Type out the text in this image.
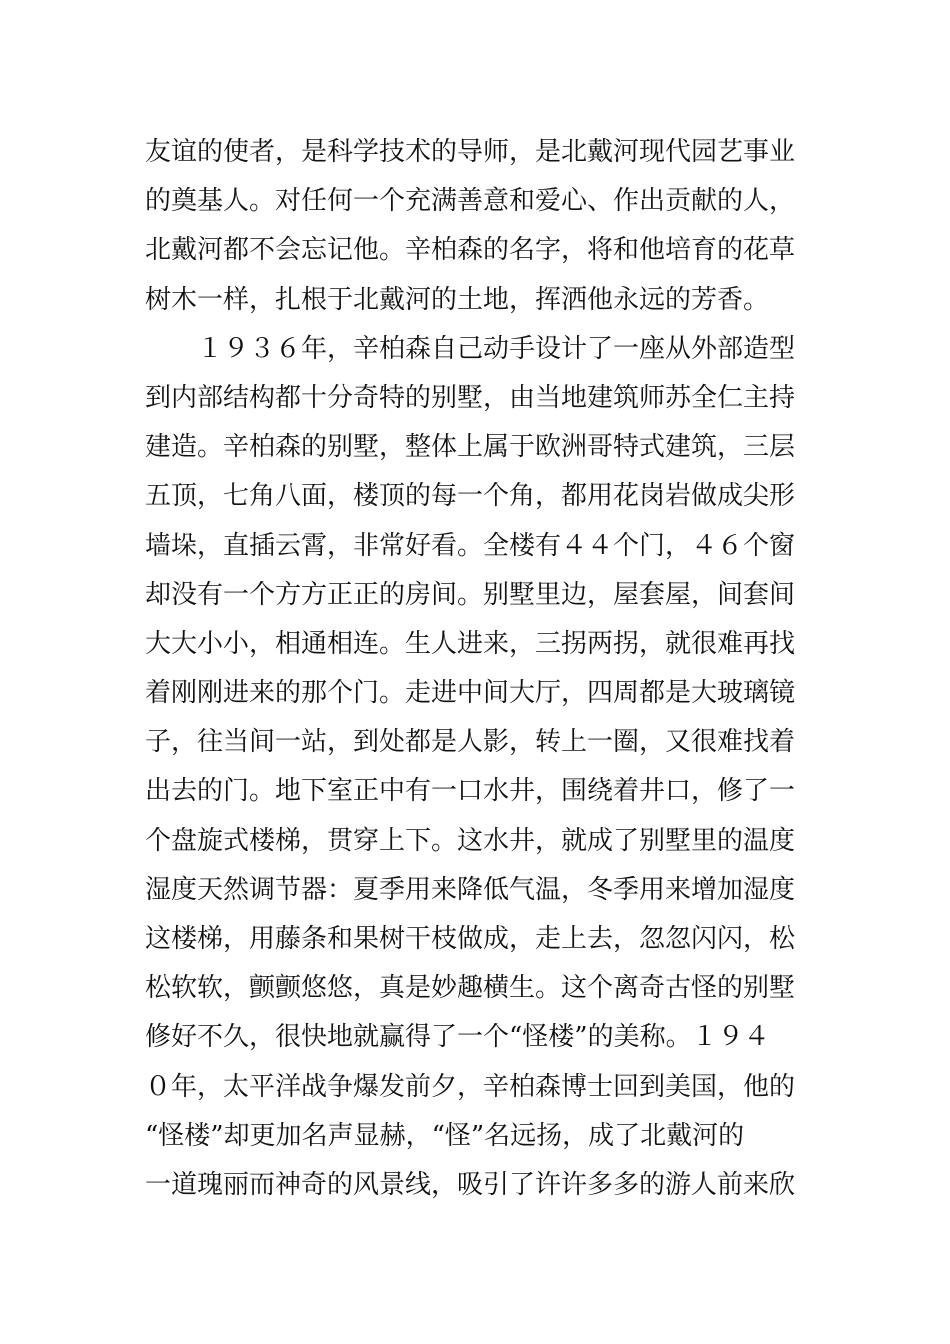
友谊的使者，是科学技术的导师，是北戴河现代园艺事业
的奠基人。对任何一个充满善意和爱心、作出贡献的人，
北戴河都不会忘记他。辛柏森的名字，将和他培育的花草
树木一样，扎根于北戴河的土地，挥洒他永远的芳香。
１９３６年，辛柏森自己动手设计了一座从外部造型
到内部结构都十分奇特的别墅，由当地建筑师苏全仁主持
建造。辛柏森的别墅，整体上属于欧洲哥特式建筑，三层
五顶，七角八面，楼顶的每一个角，都用花岗岩做成尖形
墙垛，直插云霄，非常好看。全楼有４４个门，４６个窗
却没有一个方方正正的房间。别墅里边，屋套屋，间套间
大大小小，相通相连。生人进来，三拐两拐，就很难再找
着刚刚进来的那个门。走进中间大厅，四周都是大玻璃镜
子，往当间一站，到处都是人影，转上一圈，又很难找着
出去的门。地下室正中有一口水井，围绕着井口，修了一
个盘旋式楼梯，贯穿上下。这水井，就成了别墅里的温度
湿度天然调节器：夏季用来降低气温，冬季用来增加湿度
这楼梯，用藤条和果树干枝做成，走上去，忽忽闪闪，松
松软软，颤颤悠悠，真是妙趣横生。这个离奇古怪的别墅
修好不久，很快地就赢得了一个“怪楼”的美称。１９４
０年，太平洋战争爆发前夕，辛柏森博士回到美国，他的
“怪楼”却更加名声显赫，“怪”名远扬，成了北戴河的
一道瑰丽而神奇的风景线，吸引了许许多多的游人前来欣
